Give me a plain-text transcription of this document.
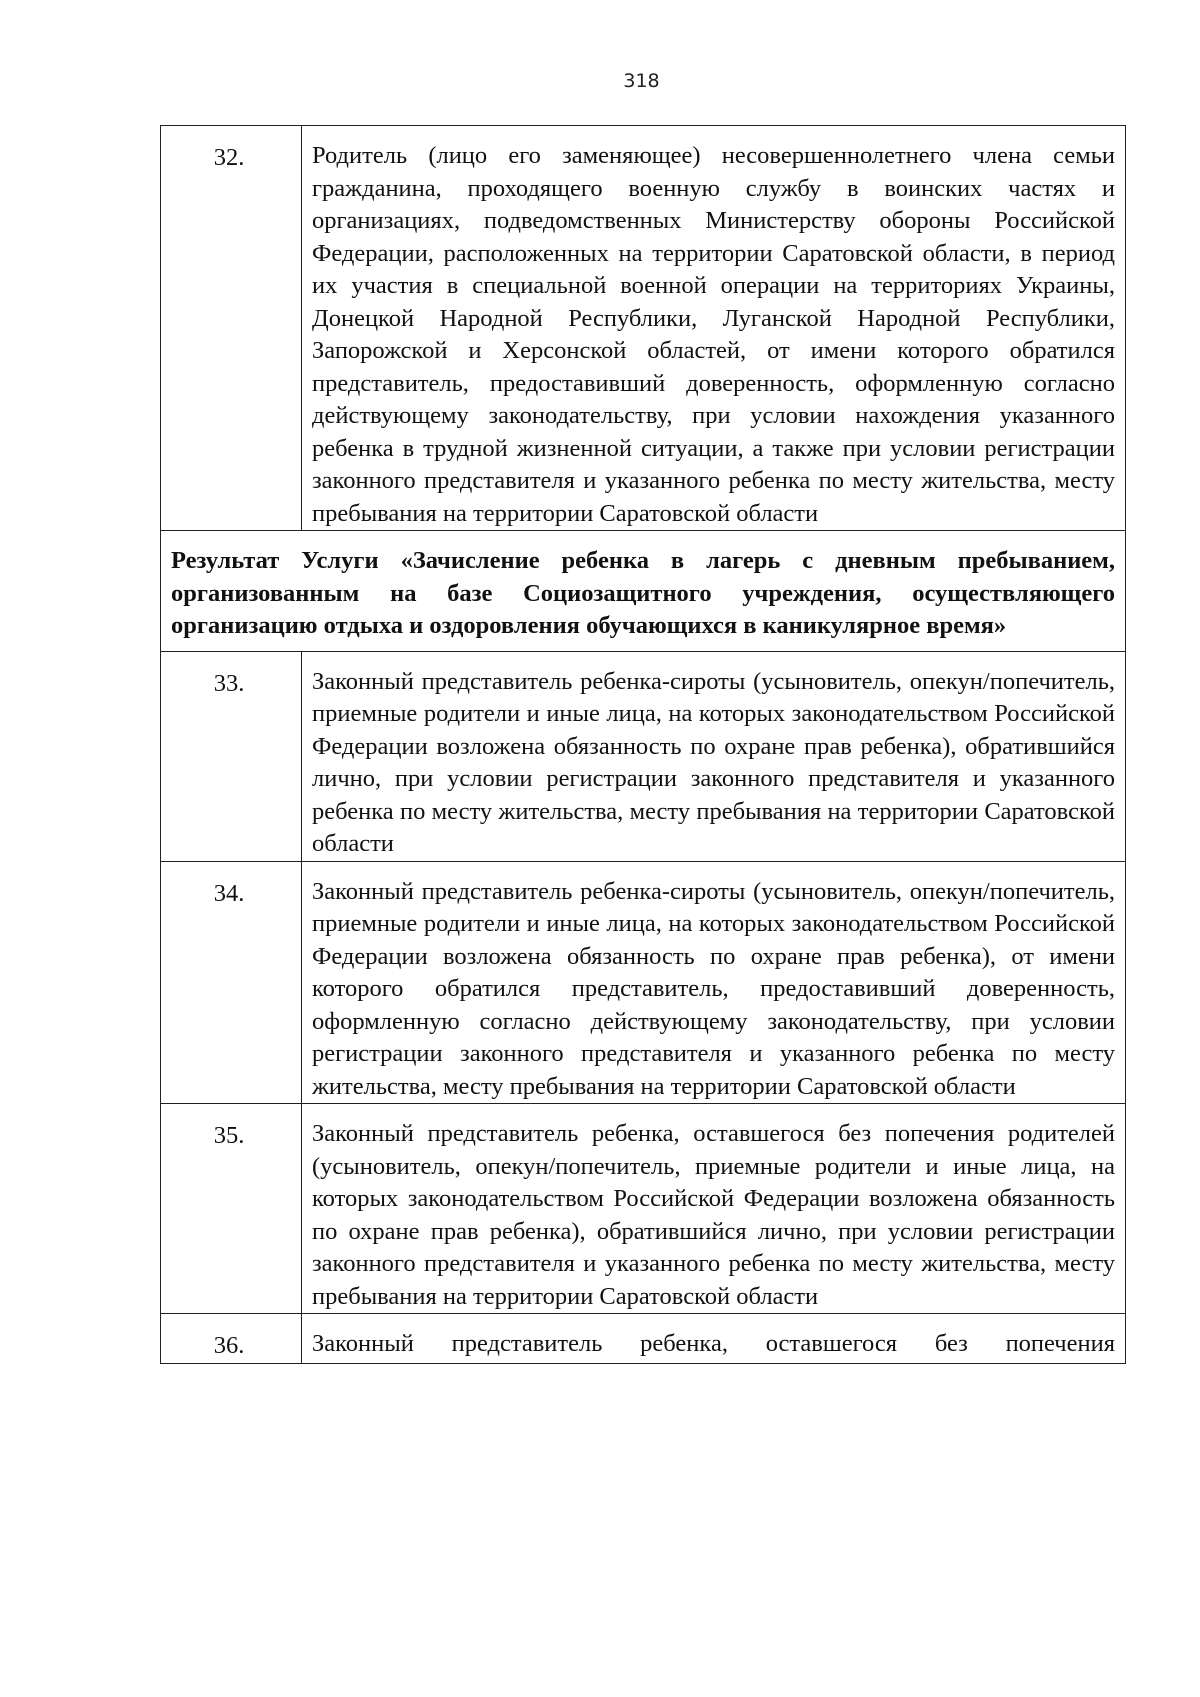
318
32.	Родитель (лицо его заменяющее) несовершеннолетнего члена семьи гражданина, проходящего военную службу в воинских частях и организациях, подведомственных Министерству обороны Российской Федерации, расположенных на территории Саратовской области, в период их участия в специальной военной операции на территориях Украины, Донецкой Народной Республики, Луганской Народной Республики, Запорожской и Херсонской областей, от имени которого обратился представитель, предоставивший доверенность, оформленную согласно действующему законодательству, при условии нахождения указанного ребенка в трудной жизненной ситуации, а также при условии регистрации законного представителя и указанного ребенка по месту жительства, месту пребывания на территории Саратовской области
Результат Услуги «Зачисление ребенка в лагерь с дневным пребыванием, организованным на базе Социозащитного учреждения, осуществляющего организацию отдыха и оздоровления обучающихся в каникулярное время»	
33.	Законный представитель ребенка-сироты (усыновитель, опекун/попечитель, приемные родители и иные лица, на которых законодательством Российской Федерации возложена обязанность по охране прав ребенка), обратившийся лично, при условии регистрации законного представителя и указанного ребенка по месту жительства, месту пребывания на территории Саратовской области
34.	Законный представитель ребенка-сироты (усыновитель, опекун/попечитель, приемные родители и иные лица, на которых законодательством Российской Федерации возложена обязанность по охране прав ребенка), от имени которого обратился представитель, предоставивший доверенность, оформленную согласно действующему законодательству, при условии регистрации законного представителя и указанного ребенка по месту жительства, месту пребывания на территории Саратовской области
35.	Законный представитель ребенка, оставшегося без попечения родителей (усыновитель, опекун/попечитель, приемные родители и иные лица, на которых законодательством Российской Федерации возложена обязанность по охране прав ребенка), обратившийся лично, при условии регистрации законного представителя и указанного ребенка по месту жительства, месту пребывания на территории Саратовской области
36.	Законный представитель ребенка, оставшегося без попечения
